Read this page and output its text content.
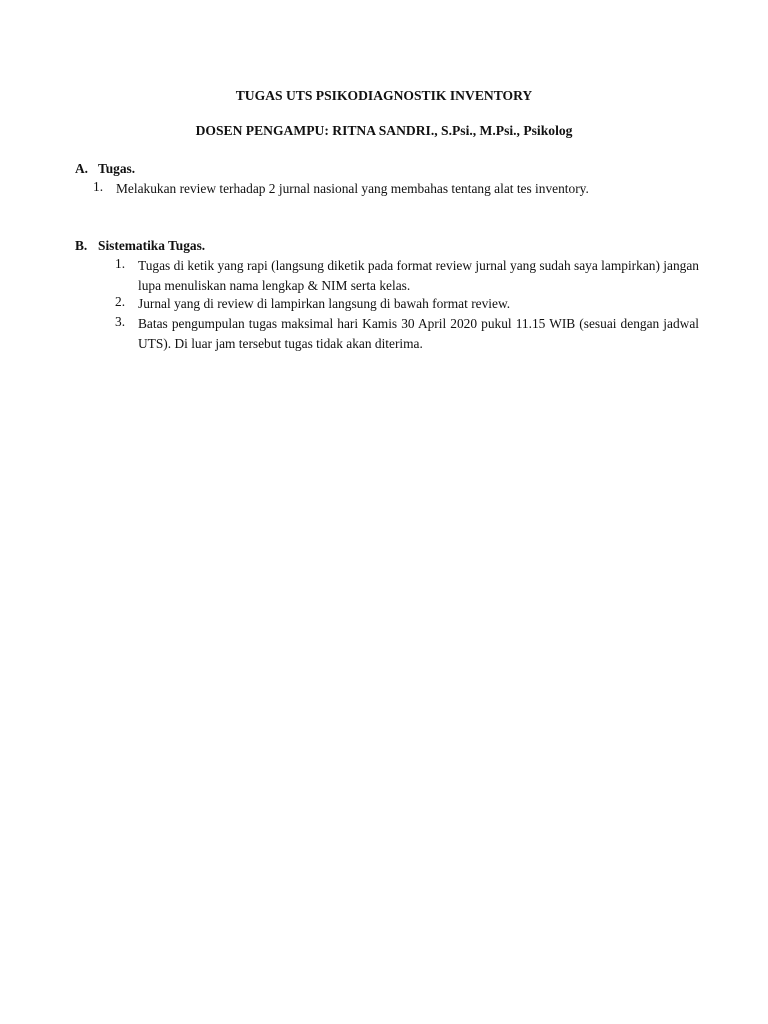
TUGAS UTS PSIKODIAGNOSTIK INVENTORY
DOSEN PENGAMPU: RITNA SANDRI., S.Psi., M.Psi., Psikolog
A. Tugas.
1. Melakukan review terhadap 2 jurnal nasional yang membahas tentang alat tes inventory.
B. Sistematika Tugas.
1. Tugas di ketik yang rapi (langsung diketik pada format review jurnal yang sudah saya lampirkan) jangan lupa menuliskan nama lengkap & NIM serta kelas.
2. Jurnal yang di review di lampirkan langsung di bawah format review.
3. Batas pengumpulan tugas maksimal hari Kamis 30 April 2020 pukul 11.15 WIB (sesuai dengan jadwal UTS). Di luar jam tersebut tugas tidak akan diterima.
